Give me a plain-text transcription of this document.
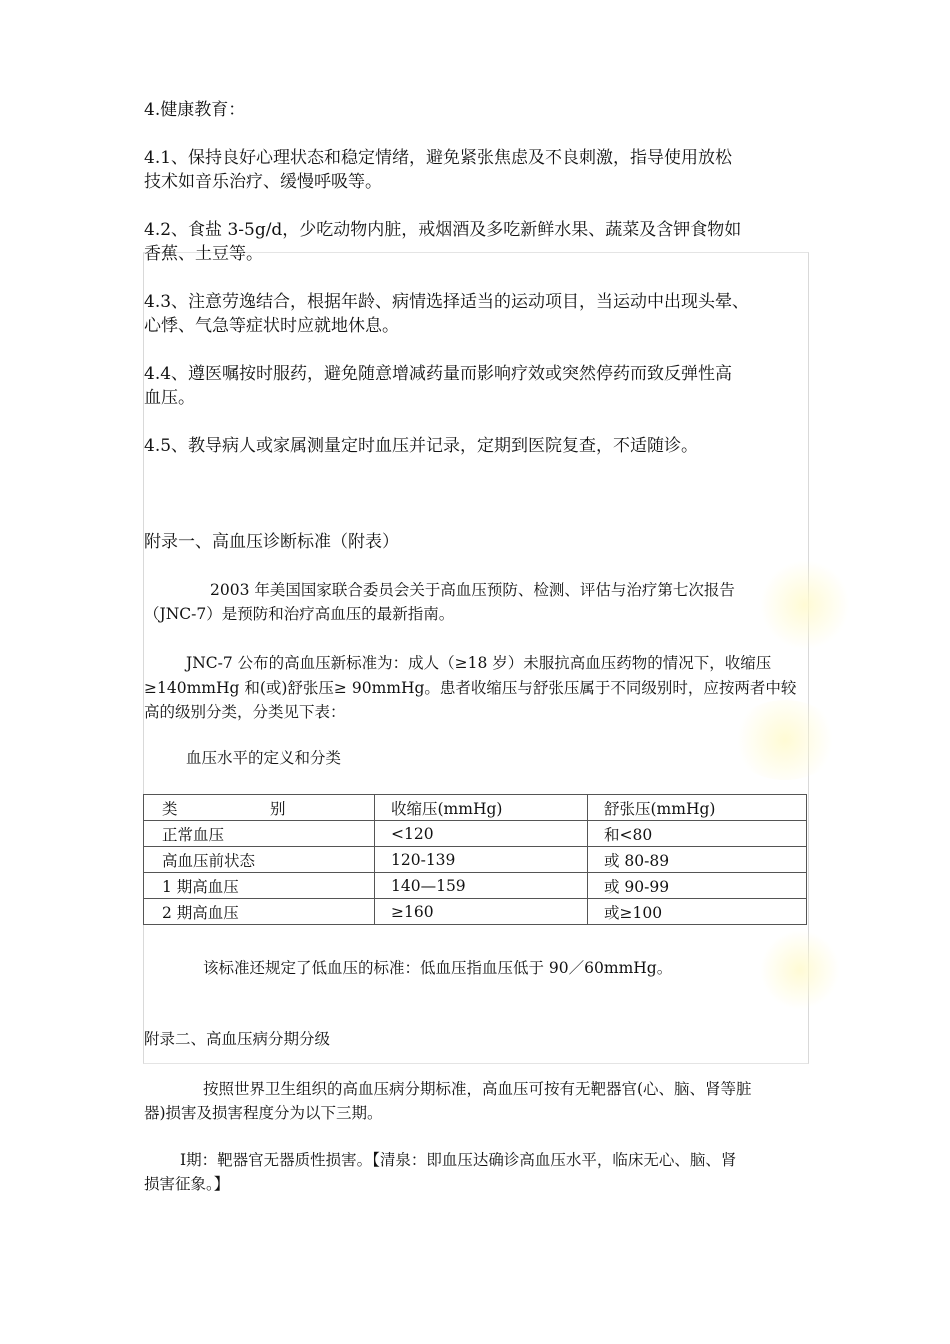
4.健康教育：

4.1、保持良好心理状态和稳定情绪，避免紧张焦虑及不良刺激，指导使用放松

技术如音乐治疗、缓慢呼吸等。

4.2、食盐 3-5g/d，少吃动物内脏，戒烟酒及多吃新鲜水果、蔬菜及含钾食物如

香蕉、土豆等。

4.3、注意劳逸结合，根据年龄、病情选择适当的运动项目，当运动中出现头晕、

心悸、气急等症状时应就地休息。

4.4、遵医嘱按时服药，避免随意增减药量而影响疗效或突然停药而致反弹性高

血压。

4.5、教导病人或家属测量定时血压并记录，定期到医院复查，不适随诊。

附录一、高血压诊断标准（附表）

2003 年美国国家联合委员会关于高血压预防、检测、评估与治疗第七次报告

（JNC-7）是预防和治疗高血压的最新指南。

JNC-7 公布的高血压新标准为：成人（≥18 岁）未服抗高血压药物的情况下，收缩压

≥140mmHg 和(或)舒张压≥ 90mmHg。患者收缩压与舒张压属于不同级别时，应按两者中较

高的级别分类，分类见下表：

血压水平的定义和分类

类 别	收缩压(mmHg)	舒张压(mmHg)
正常血压	<120	和<80
高血压前状态	120-139	或 80-89
1 期高血压	140—159	或 90-99
2 期高血压	≥160	或≥100

该标准还规定了低血压的标准：低血压指血压低于 90／60mmHg。

附录二、高血压病分期分级

按照世界卫生组织的高血压病分期标准，高血压可按有无靶器官(心、脑、肾等脏

器)损害及损害程度分为以下三期。

Ⅰ期：靶器官无器质性损害。【清泉：即血压达确诊高血压水平，临床无心、脑、肾

损害征象。】
